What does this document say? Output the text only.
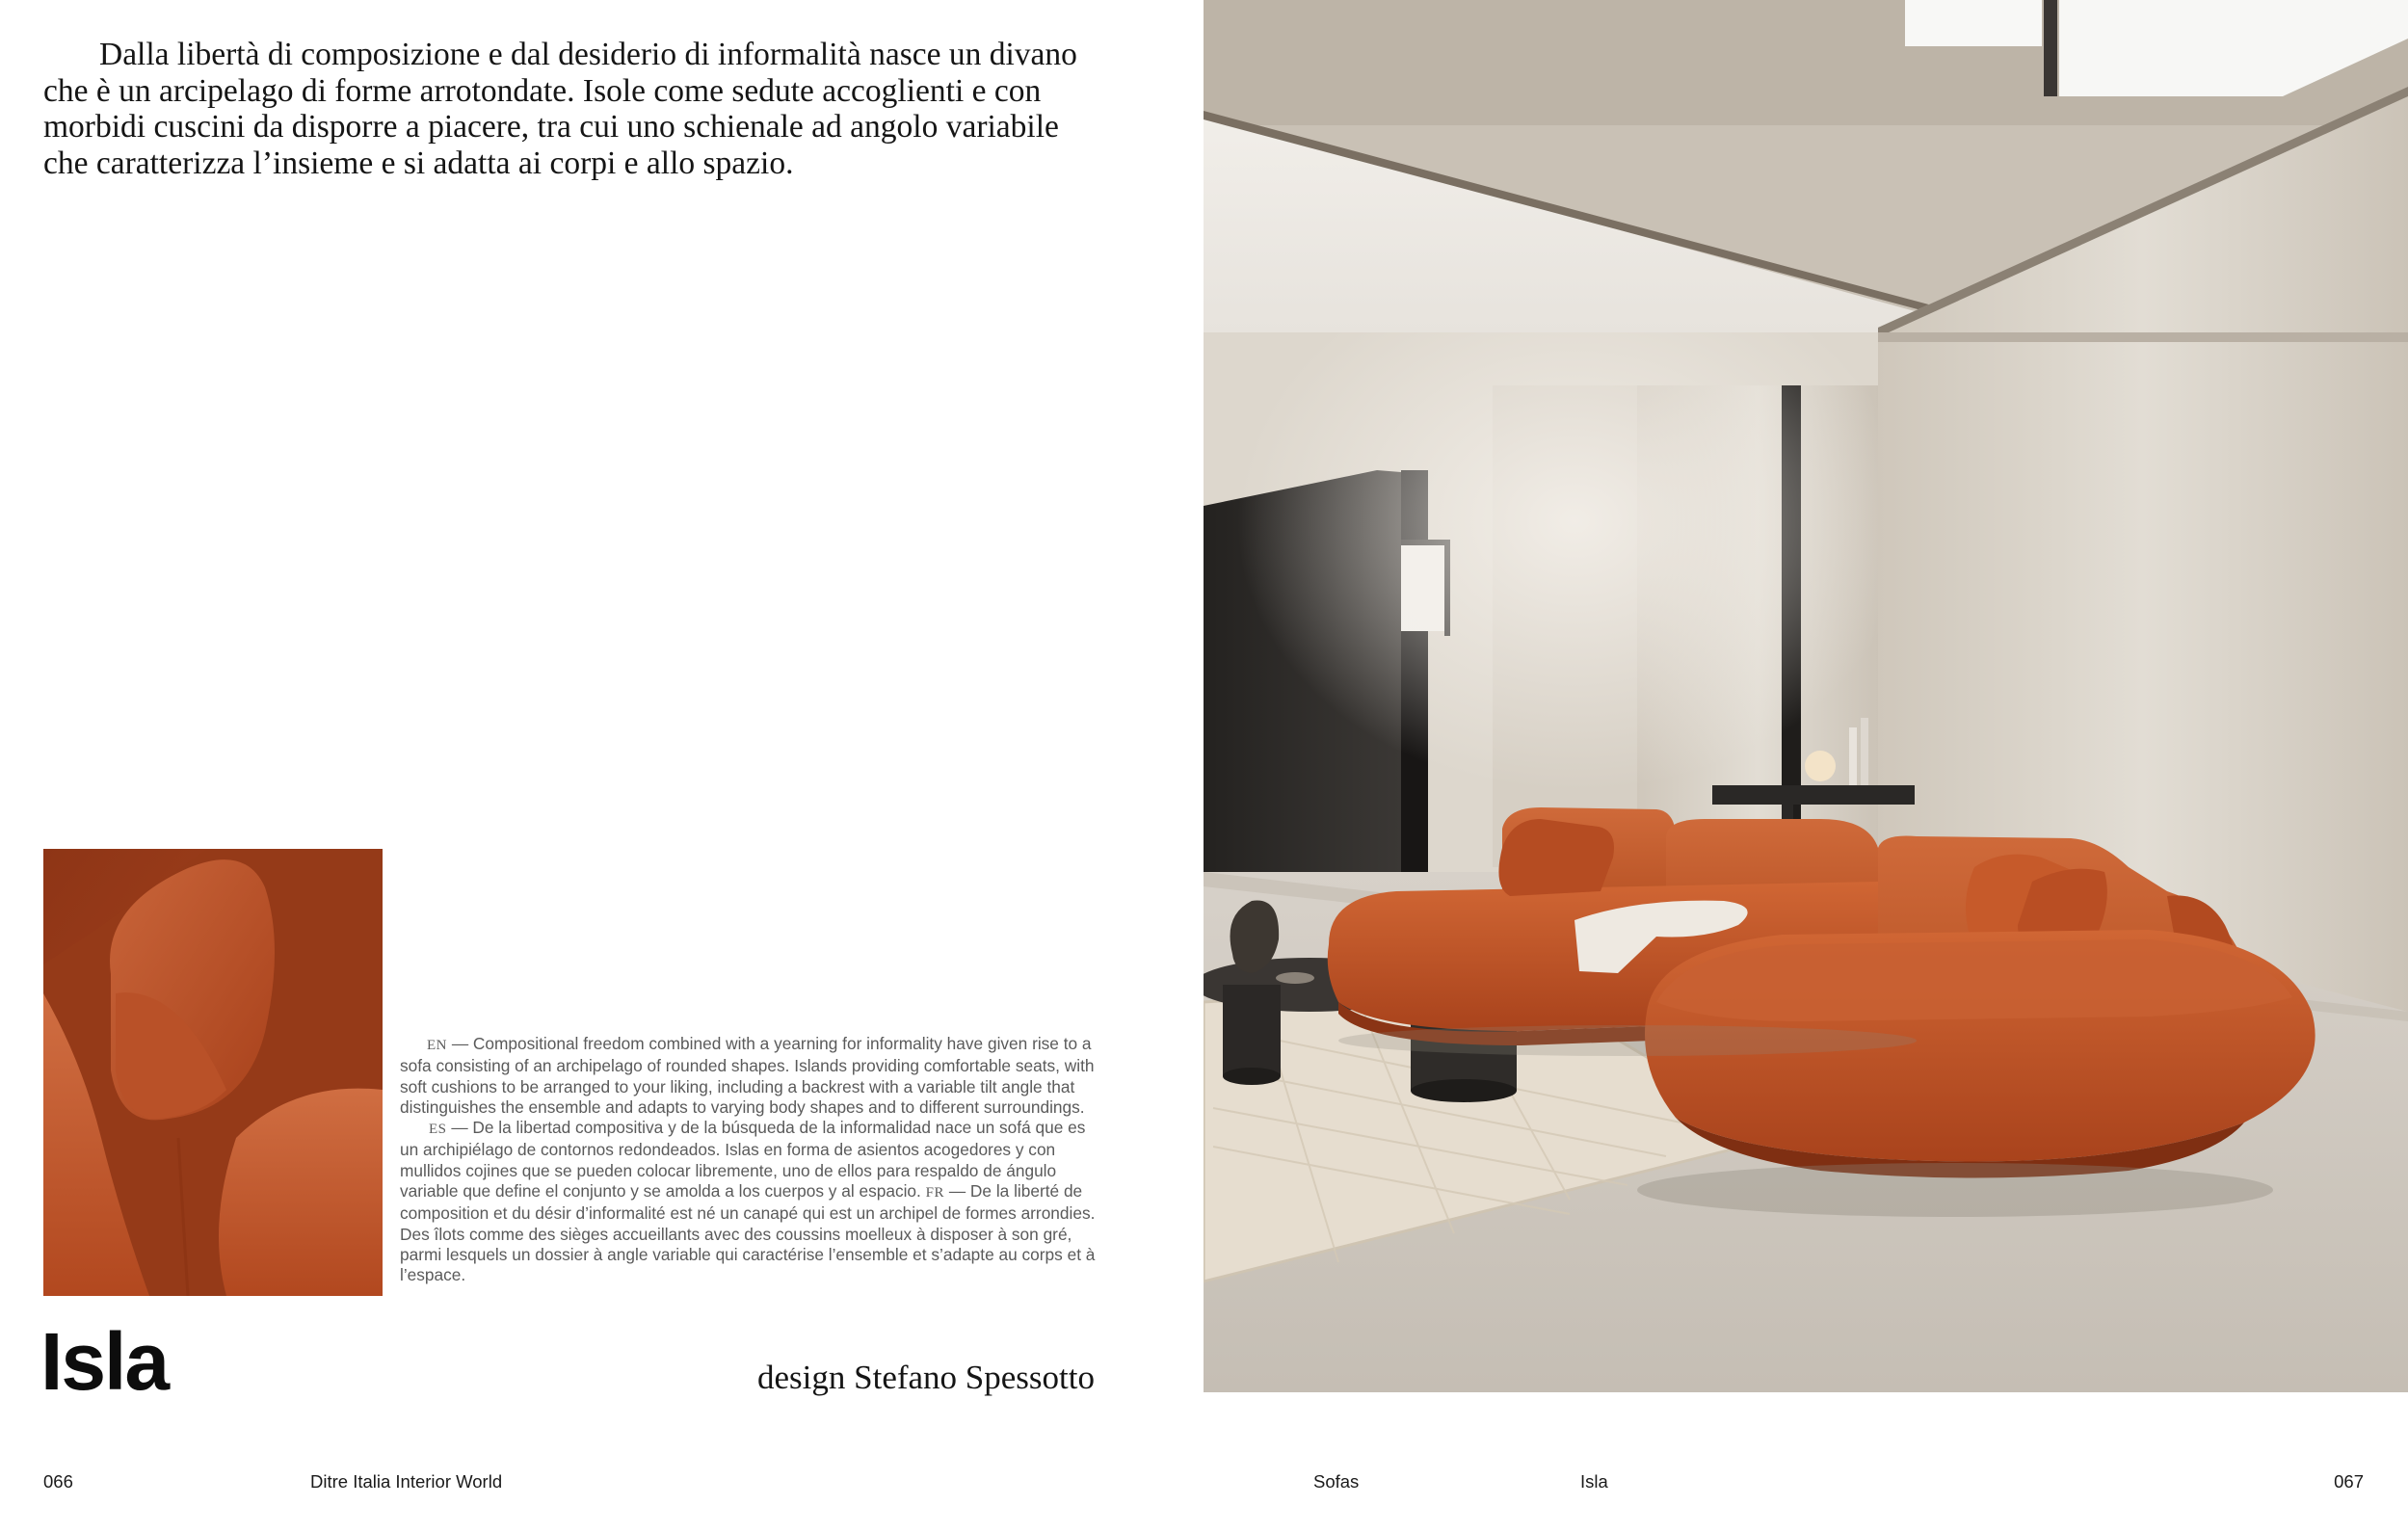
Dalla libertà di composizione e dal desiderio di informalità nasce un divano che è un arcipelago di forme arrotondate. Isole come sedute accoglienti e con morbidi cuscini da disporre a piacere, tra cui uno schienale ad angolo variabile che caratterizza l’insieme e si adatta ai corpi e allo spazio.

EN — Compositional freedom combined with a yearning for informality have given rise to a sofa consisting of an archipelago of rounded shapes. Islands providing comfortable seats, with soft cushions to be arranged to your liking, including a backrest with a variable tilt angle that distinguishes the ensemble and adapts to varying body shapes and to different surroundings.ES — De la libertad compositiva y de la búsqueda de la informalidad nace un sofá que es un archipiélago de contornos redondeados. Islas en forma de asientos acogedores y con mullidos cojines que se pueden colocar libremente, uno de ellos para respaldo de ángulo variable que define el conjunto y se amolda a los cuerpos y al espacio. FR — De la liberté de composition et du désir d’informalité est né un canapé qui est un archipel de formes arrondies. Des îlots comme des sièges accueillants avec des coussins moelleux à disposer à son gré, parmi lesquels un dossier à angle variable qui caractérise l’ensemble et s’adapte au corps et à l’espace.

Isla	design Stefano Spessotto
066	Ditre Italia Interior World	Sofas	Isla	067
